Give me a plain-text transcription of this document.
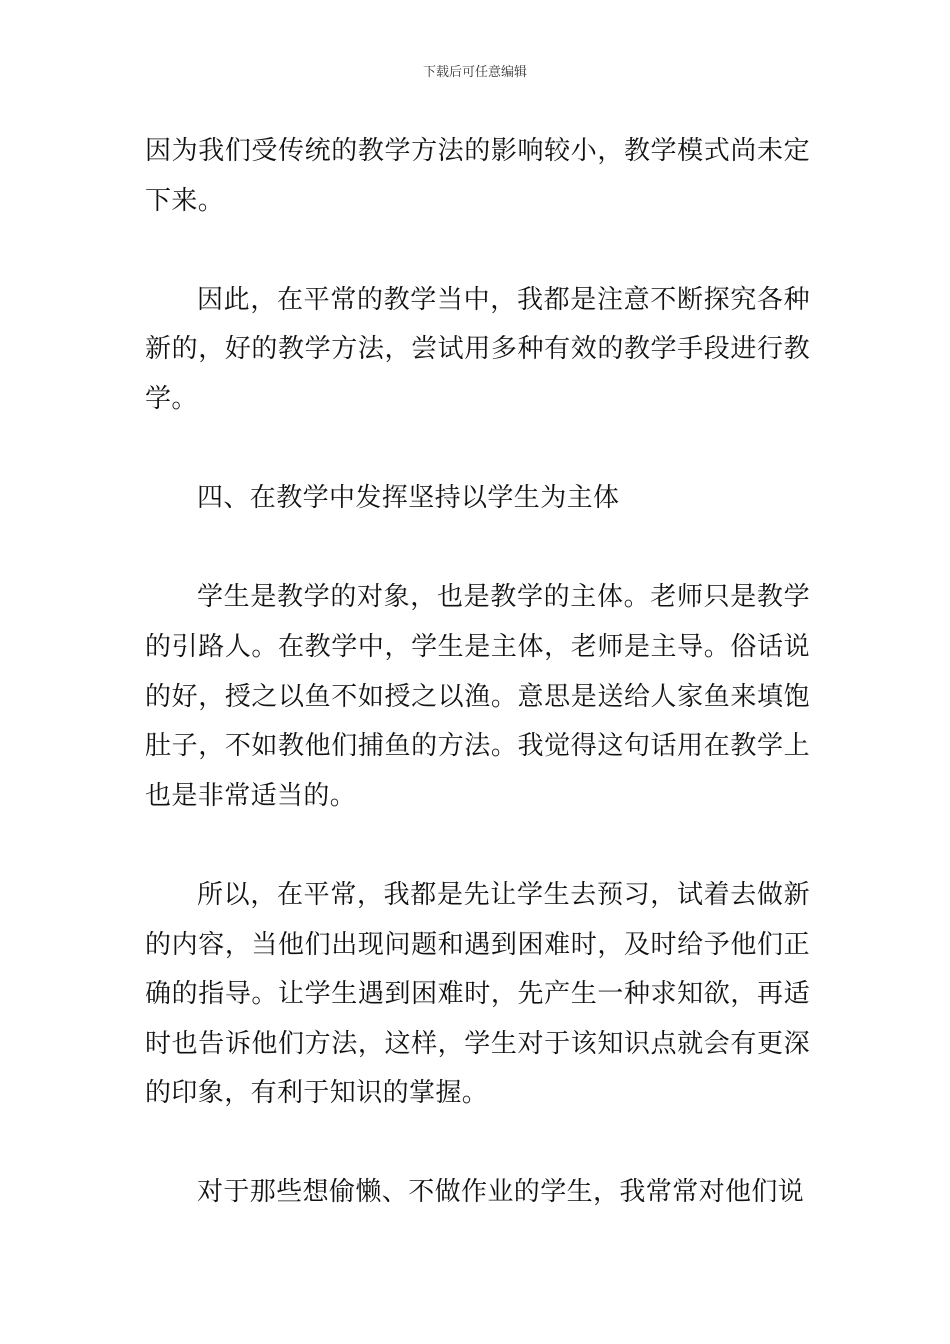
下载后可任意编辑

因为我们受传统的教学方法的影响较小，教学模式尚未定下来。

因此，在平常的教学当中，我都是注意不断探究各种新的，好的教学方法，尝试用多种有效的教学手段进行教学。

四、在教学中发挥坚持以学生为主体

学生是教学的对象，也是教学的主体。老师只是教学的引路人。在教学中，学生是主体，老师是主导。俗话说的好，授之以鱼不如授之以渔。意思是送给人家鱼来填饱肚子，不如教他们捕鱼的方法。我觉得这句话用在教学上也是非常适当的。

所以，在平常，我都是先让学生去预习，试着去做新的内容，当他们出现问题和遇到困难时，及时给予他们正确的指导。让学生遇到困难时，先产生一种求知欲，再适时也告诉他们方法，这样，学生对于该知识点就会有更深的印象，有利于知识的掌握。

对于那些想偷懒、不做作业的学生，我常常对他们说
